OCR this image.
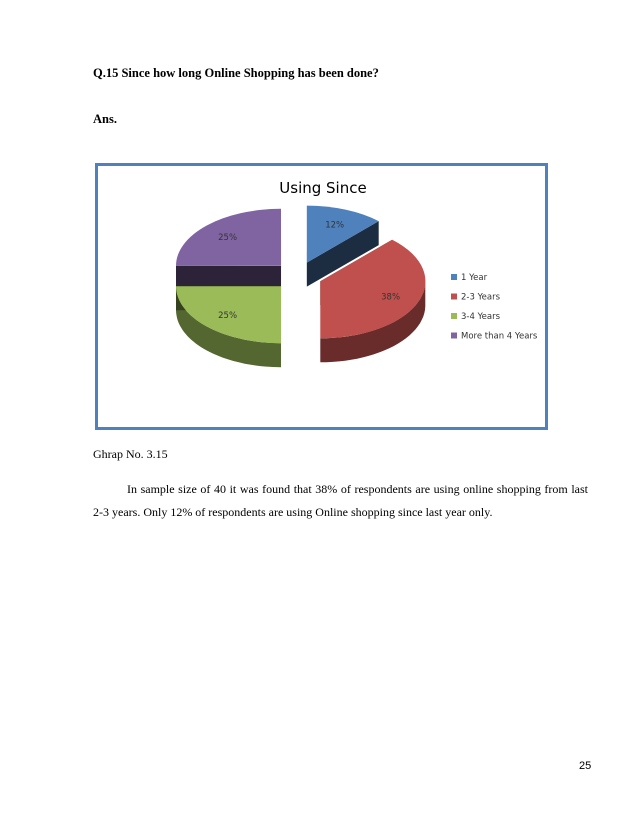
Q.15 Since how long Online Shopping has been done?

Ans.

Using Since
12%
38%
25%
25%
1 Year
2-3 Years
3-4 Years
More than 4 Years

Ghrap No. 3.15

In sample size of 40 it was found that 38% of respondents are using online shopping from last 2-3 years. Only 12% of respondents are using Online shopping since last year only.

25
